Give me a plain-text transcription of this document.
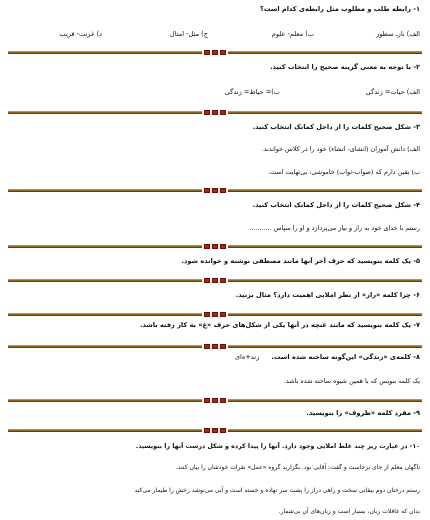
۱- رابطه طلب و مطلوب مثل رابطه‌ی کدام است؟
الف) نازـ سطور
ب) معلم- علوم
ج) مثل- امثال
د) غربت- قریب
۲- با توجه به معنی گزینه صحیح را انتخاب کنید.
الف) حیات= زندگی
ب)= حیاط= زندگی
۳- شکل صحیح کلمات را از داخل کمانک انتخاب کنید.
الف) دانش آموزان (انشای- انشاء) خود را در کلاس خواندند.
ب) یقین دارم که (صواب-ثواب) خاموشی، بی‌نهایت است.
۴- شکل صحیح کلمات را از داخل کمانک انتخاب کنید.
رستم با خدای خود به راز و نیاز می‌پردازد و او را سپاس ...........
۵- یک کلمه بنویسید که حرف آخر آنها مانند مصطفی نوشته و خوانده شود.
۶- چرا کلمه «راز» از نظر املایی اهمیت دارد؟ مثال بزنید.
۷- یک کلمه بنویسید که مانند غنچه در آنها یکی از شکل‌های حرف «غ» به کار رفته باشد.
۸- کلمه‌ی «زندگی» این‌گونه ساخته شده است. زند+ه‌ای
یک کلمه بنویس که با همین شیوه ساخته شده باشد.
۹- مفرد کلمه «ظروف» را بنویسید.
۱۰- در عبارت زیر چند غلط املایی وجود دارد. آنها را پیدا کرده و شکل درست آنها را بنویسید.
ناگهان معلم از جای برخاست و گفت: آقایی بود. بگزارید گروه «عمل» نقرات خودشان را بیان کنند.
رستم درختان دوم بیقانی سخت و راهی دراز را پشت سر نهاده و خسته است و آبی می‌نوشد رخش را طیمار می‌کند
بدان که غافلات زبان، بسیار است و زبان‌های آن بی‌شمار.
